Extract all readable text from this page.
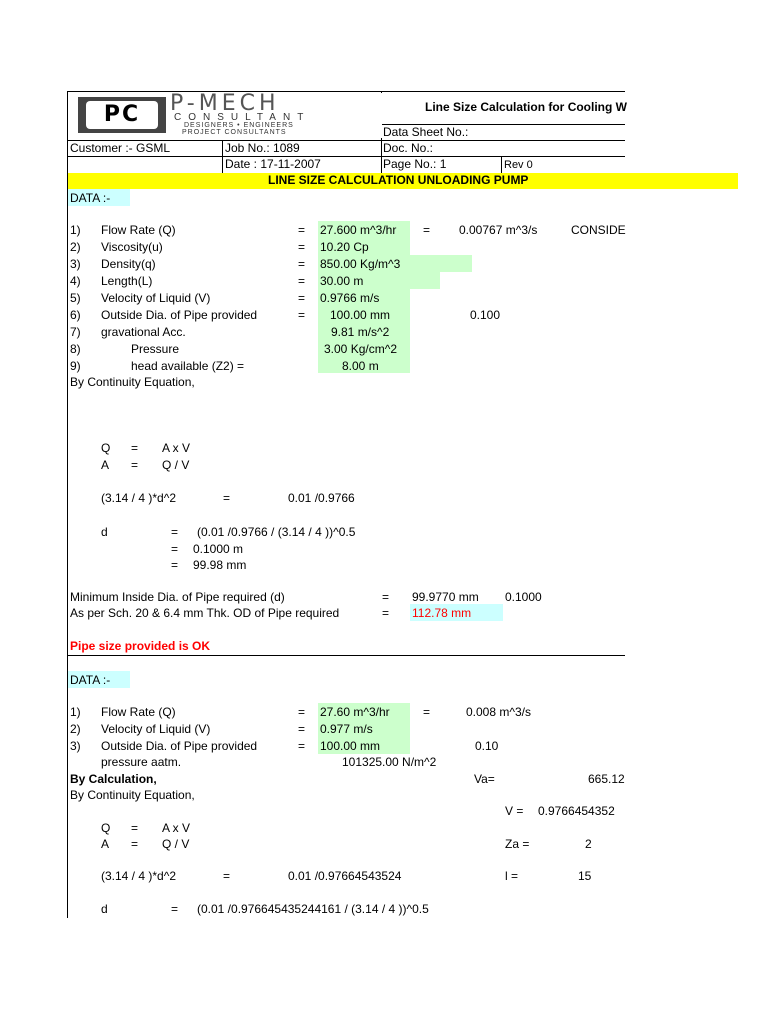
PC	P-MECH
CONSULTANT
DESIGNERS • ENGINEERS
PROJECT CONSULTANTS
Line Size Calculation for Cooling W
Data Sheet No.:
Customer :- GSML	Job No.: 1089	Doc. No.:
Date : 17-11-2007	Page No.: 1	Rev 0
LINE SIZE CALCULATION UNLOADING PUMP
DATA :-
1) Flow Rate (Q)	= 27.600 m^3/hr = 0.00767 m^3/s	CONSIDE
2) Viscosity(u)	= 10.20 Cp
3) Density(q)	= 850.00 Kg/m^3
4) Length(L)	= 30.00 m
5) Velocity of Liquid (V)	= 0.9766 m/s
6) Outside Dia. of Pipe provided	= 100.00 mm	0.100
7) gravational Acc.	9.81 m/s^2
8)	Pressure	3.00 Kg/cm^2
9)	head available (Z2) =	8.00 m
By Continuity Equation,
Q = A x V
A = Q / V
(3.14 / 4 )*d^2	=	0.01 /0.9766
d	= (0.01 /0.9766 / (3.14 / 4 ))^0.5
= 0.1000 m
= 99.98 mm
Minimum Inside Dia. of Pipe required (d)	= 99.9770 mm 0.1000
As per Sch. 20 & 6.4 mm Thk. OD of Pipe required	= 112.78 mm
Pipe size provided is OK
DATA :-
1) Flow Rate (Q)	= 27.60 m^3/hr	=	0.008 m^3/s
2) Velocity of Liquid (V)	= 0.977 m/s
3) Outside Dia. of Pipe provided	= 100.00 mm	0.10
pressure aatm.	101325.00 N/m^2
By Calculation,	Va=	665.12
By Continuity Equation,
V = 0.9766454352
Q = A x V
A = Q / V	Za =	2
(3.14 / 4 )*d^2	=	0.01 /0.97664543524	l =	15
d	= (0.01 /0.976645435244161 / (3.14 / 4 ))^0.5
